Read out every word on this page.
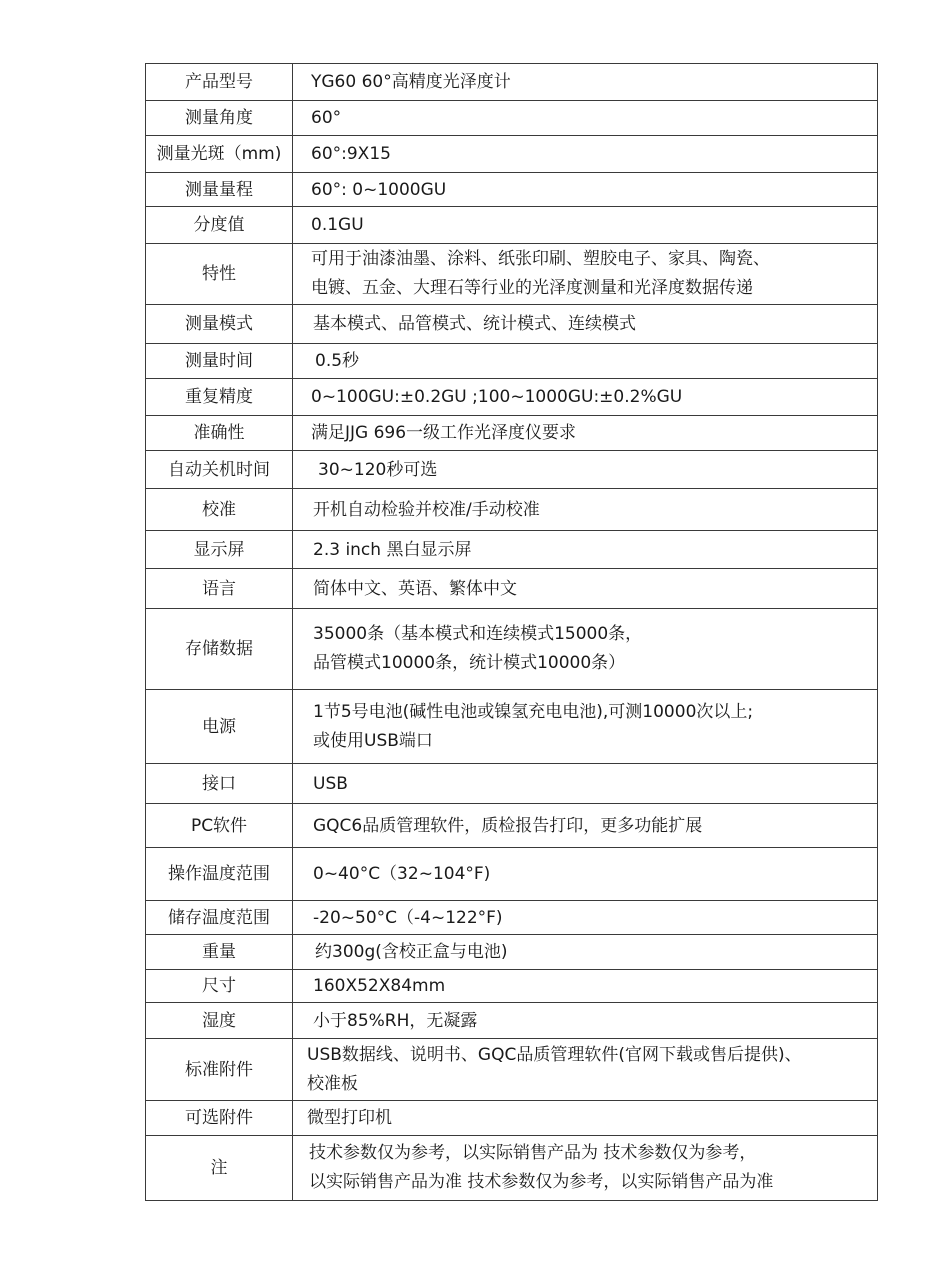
产品型号	YG60 60°高精度光泽度计

测量角度	60°

测量光斑（mm)	60°:9X15

测量量程	60°: 0~1000GU

分度值	0.1GU

特性	可用于油漆油墨、涂料、纸张印刷、塑胶电子、家具、陶瓷、
电镀、五金、大理石等行业的光泽度测量和光泽度数据传递

测量模式	基本模式、品管模式、统计模式、连续模式

测量时间	0.5秒

重复精度	0~100GU:±0.2GU ;100~1000GU:±0.2%GU

准确性	满足JJG 696一级工作光泽度仪要求

自动关机时间	30~120秒可选

校准	开机自动检验并校准/手动校准

显示屏	2.3 inch 黑白显示屏

语言	简体中文、英语、繁体中文

存储数据	35000条（基本模式和连续模式15000条，
品管模式10000条，统计模式10000条）

电源	1节5号电池(碱性电池或镍氢充电电池),可测10000次以上;
或使用USB端口

接口	USB

PC软件	GQC6品质管理软件，质检报告打印，更多功能扩展

操作温度范围	0~40°C（32~104°F)

储存温度范围	-20~50°C（-4~122°F)

重量	约300g(含校正盒与电池)

尺寸	160X52X84mm

湿度	小于85%RH，无凝露

标准附件	USB数据线、说明书、GQC品质管理软件(官网下载或售后提供)、
校准板

可选附件	微型打印机

注	技术参数仅为参考，以实际销售产品为 技术参数仅为参考，
以实际销售产品为准 技术参数仅为参考，以实际销售产品为准
